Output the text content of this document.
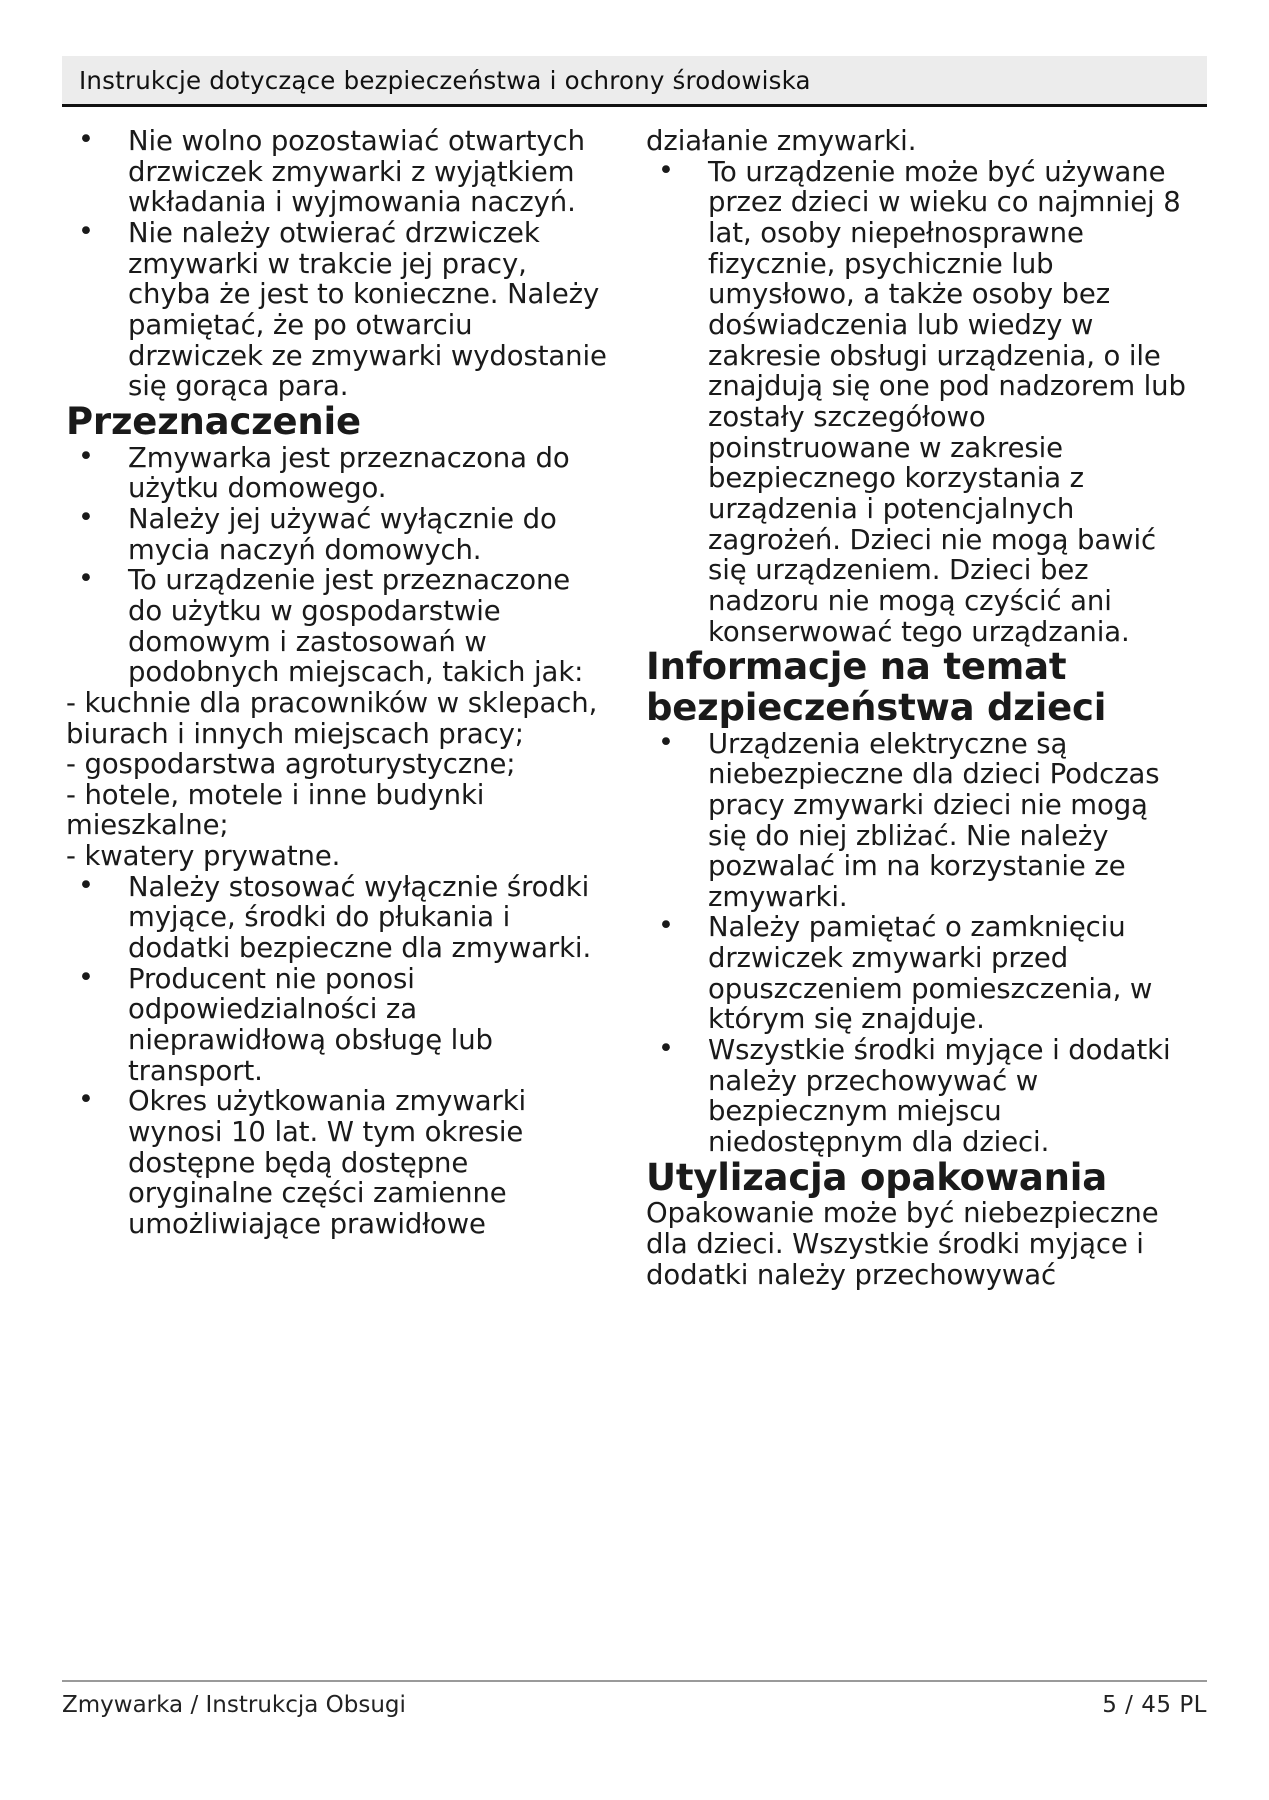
Instrukcje dotyczące bezpieczeństwa i ochrony środowiska
• Nie wolno pozostawiać otwartych drzwiczek zmywarki z wyjątkiem wkładania i wyjmowania naczyń.
• Nie należy otwierać drzwiczek zmywarki w trakcie jej pracy, chyba że jest to konieczne. Należy pamiętać, że po otwarciu drzwiczek ze zmywarki wydostanie się gorąca para.
Przeznaczenie
• Zmywarka jest przeznaczona do użytku domowego.
• Należy jej używać wyłącznie do mycia naczyń domowych.
• To urządzenie jest przeznaczone do użytku w gospodarstwie domowym i zastosowań w podobnych miejscach, takich jak:

- kuchnie dla pracowników w sklepach, biurach i innych miejscach pracy;

- gospodarstwa agroturystyczne;

- hotele, motele i inne budynki mieszkalne;

- kwatery prywatne.

• Należy stosować wyłącznie środki myjące, środki do płukania i dodatki bezpieczne dla zmywarki.
• Producent nie ponosi odpowiedzialności za nieprawidłową obsługę lub transport.
• Okres użytkowania zmywarki wynosi 10 lat. W tym okresie dostępne będą dostępne oryginalne części zamienne umożliwiające prawidłowe

działanie zmywarki.

• To urządzenie może być używane przez dzieci w wieku co najmniej 8 lat, osoby niepełnosprawne fizycznie, psychicznie lub umysłowo, a także osoby bez doświadczenia lub wiedzy w zakresie obsługi urządzenia, o ile znajdują się one pod nadzorem lub zostały szczegółowo poinstruowane w zakresie bezpiecznego korzystania z urządzenia i potencjalnych zagrożeń. Dzieci nie mogą bawić się urządzeniem. Dzieci bez nadzoru nie mogą czyścić ani konserwować tego urządzania.
Informacje na temat bezpieczeństwa dzieci
• Urządzenia elektryczne są niebezpieczne dla dzieci Podczas pracy zmywarki dzieci nie mogą się do niej zbliżać. Nie należy pozwalać im na korzystanie ze zmywarki.
• Należy pamiętać o zamknięciu drzwiczek zmywarki przed opuszczeniem pomieszczenia, w którym się znajduje.
• Wszystkie środki myjące i dodatki należy przechowywać w bezpiecznym miejscu niedostępnym dla dzieci.
Utylizacja opakowania

Opakowanie może być niebezpieczne dla dzieci. Wszystkie środki myjące i dodatki należy przechowywać

Zmywarka / Instrukcja Obsugi	5 / 45 PL
